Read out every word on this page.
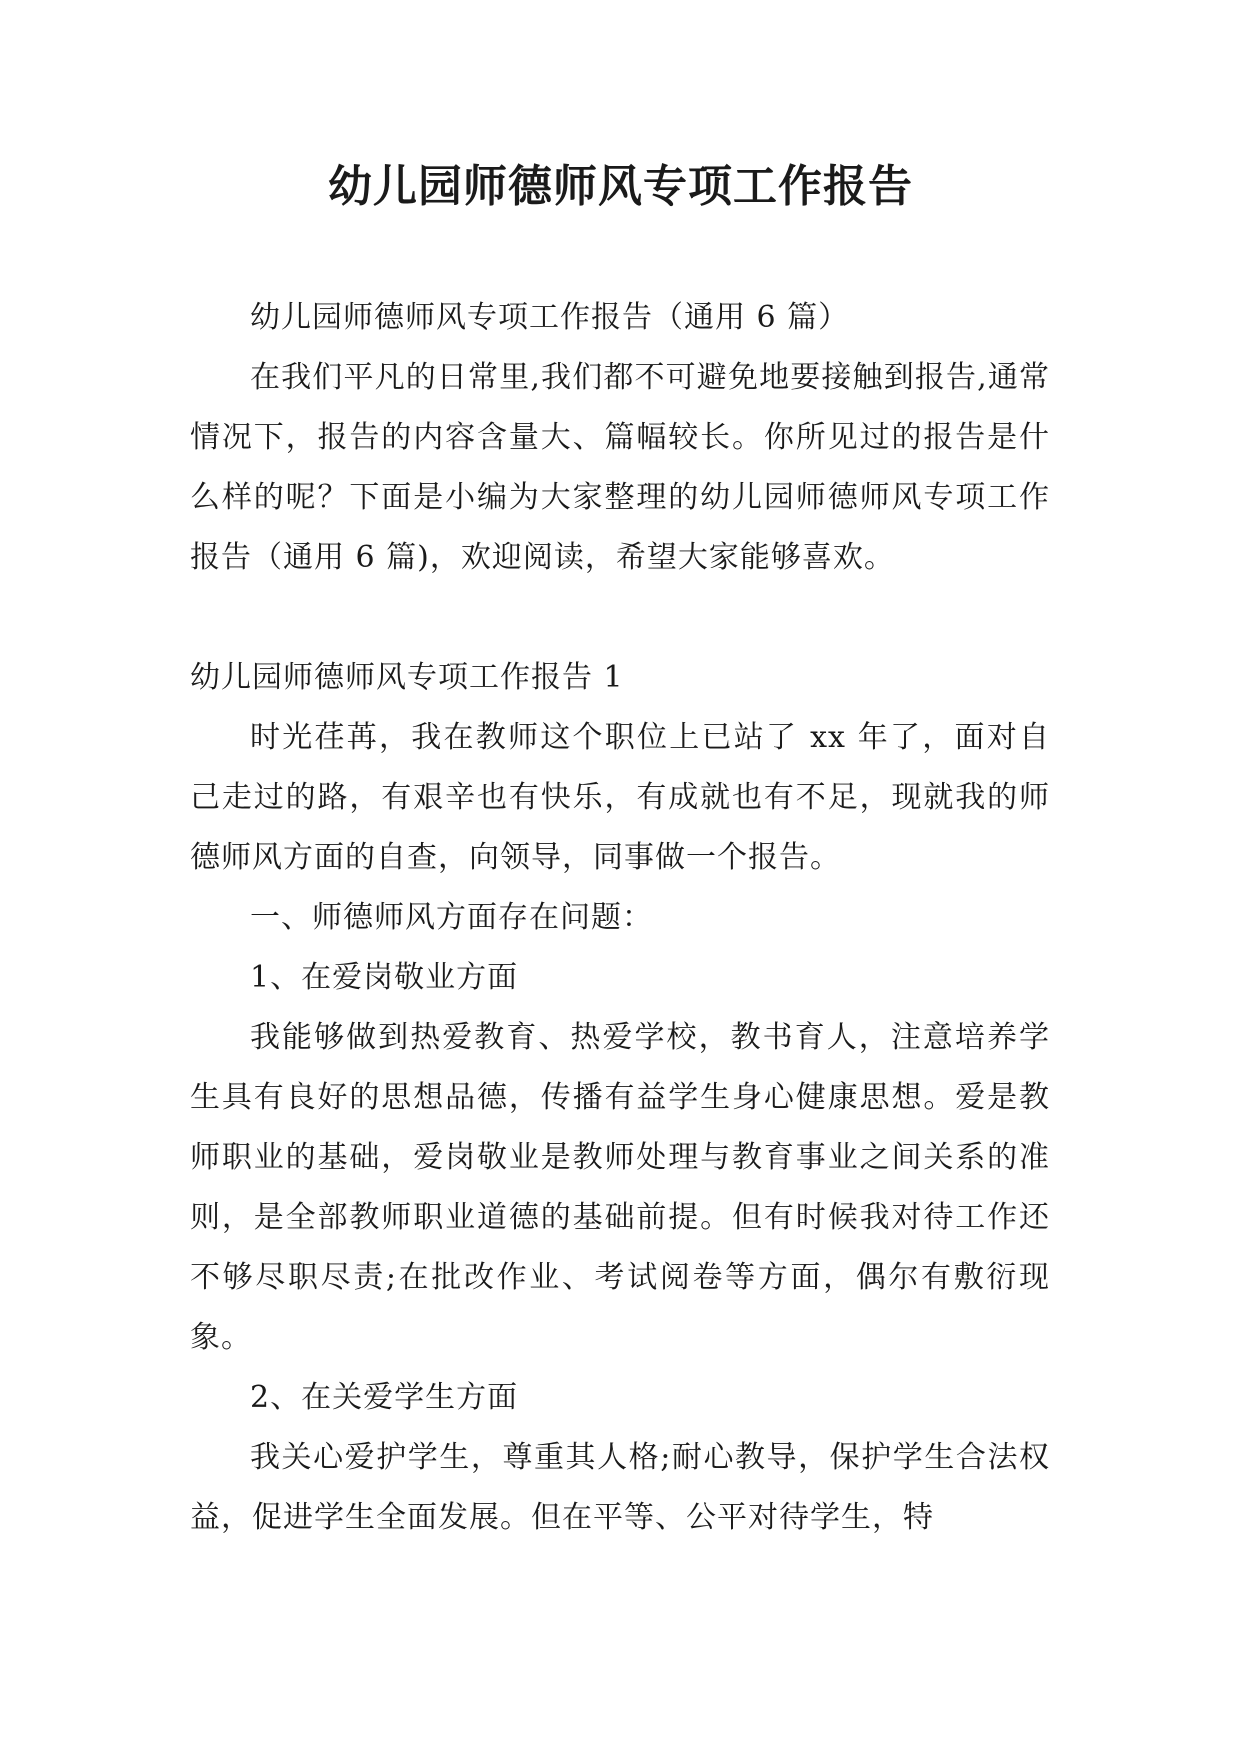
幼儿园师德师风专项工作报告

幼儿园师德师风专项工作报告（通用 6 篇）

在我们平凡的日常里,我们都不可避免地要接触到报告,通常情况下，报告的内容含量大、篇幅较长。你所见过的报告是什么样的呢？下面是小编为大家整理的幼儿园师德师风专项工作报告（通用 6 篇)，欢迎阅读，希望大家能够喜欢。

幼儿园师德师风专项工作报告 1

时光荏苒，我在教师这个职位上已站了 xx 年了，面对自己走过的路，有艰辛也有快乐，有成就也有不足，现就我的师德师风方面的自查，向领导，同事做一个报告。

一、师德师风方面存在问题：

1、在爱岗敬业方面

我能够做到热爱教育、热爱学校，教书育人，注意培养学生具有良好的思想品德，传播有益学生身心健康思想。爱是教师职业的基础，爱岗敬业是教师处理与教育事业之间关系的准则，是全部教师职业道德的基础前提。但有时候我对待工作还不够尽职尽责;在批改作业、考试阅卷等方面，偶尔有敷衍现象。

2、在关爱学生方面

我关心爱护学生，尊重其人格;耐心教导，保护学生合法权益，促进学生全面发展。但在平等、公平对待学生，特
